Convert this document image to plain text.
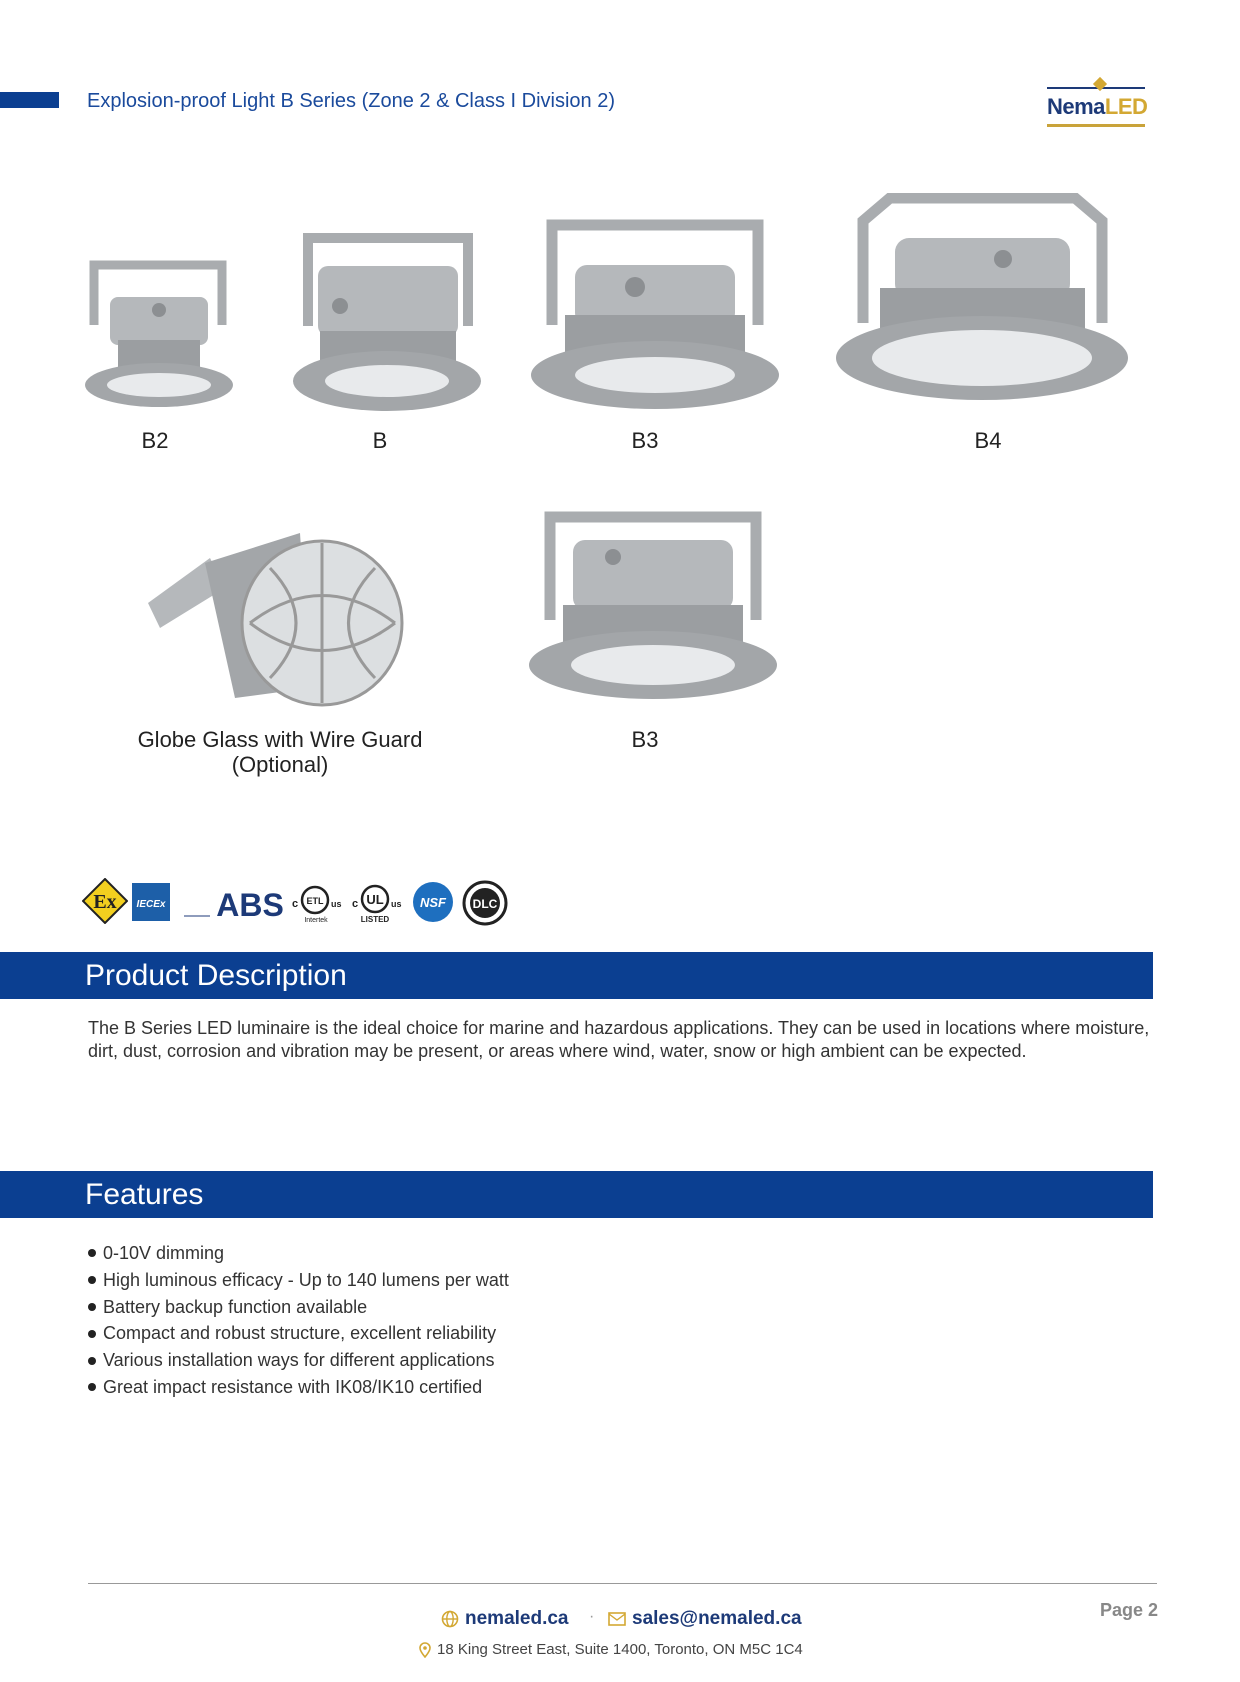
Explosion-proof Light B Series (Zone 2 & Class I Division 2)	NemaLED
B2	B	B3	B4
Globe Glass with Wire Guard
(Optional)
B3
Ex IECEx ABS c ETL us
Intertek
c UL us
LISTED
NSF DLC
Product Description
The B Series LED luminaire is the ideal choice for marine and hazardous applications. They can be used in locations where moisture, dirt, dust, corrosion and vibration may be present, or areas where wind, water, snow or high ambient can be expected.
Features
0-10V dimming
High luminous efficacy - Up to 140 lumens per watt
Battery backup function available
Compact and robust structure, excellent reliability
Various installation ways for different applications
Great impact resistance with IK08/IK10 certified
Page 2
nemaled.ca · sales@nemaled.ca
18 King Street East, Suite 1400, Toronto, ON M5C 1C4
